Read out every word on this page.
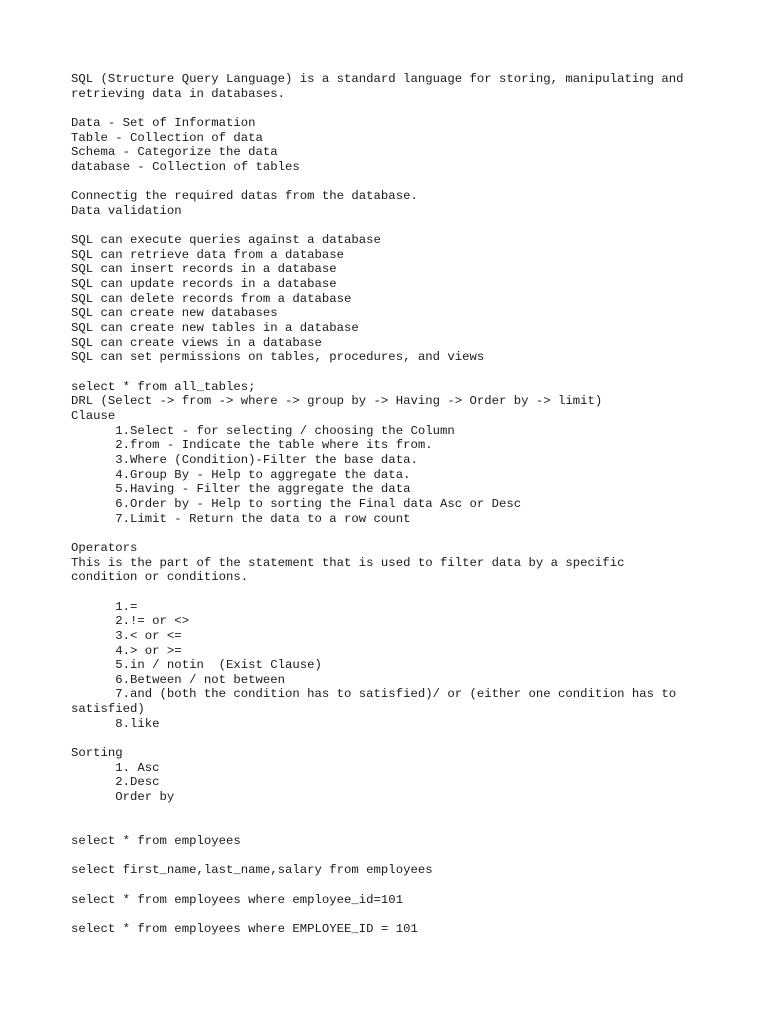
SQL (Structure Query Language) is a standard language for storing, manipulating and
retrieving data in databases.
Data - Set of Information
Table - Collection of data
Schema - Categorize the data
database - Collection of tables
Connectig the required datas from the database.
Data validation
SQL can execute queries against a database
SQL can retrieve data from a database
SQL can insert records in a database
SQL can update records in a database
SQL can delete records from a database
SQL can create new databases
SQL can create new tables in a database
SQL can create views in a database
SQL can set permissions on tables, procedures, and views
select * from all_tables;
DRL (Select -> from -> where -> group by -> Having -> Order by -> limit)
Clause
1.Select - for selecting / choosing the Column
2.from - Indicate the table where its from.
3.Where (Condition)-Filter the base data.
4.Group By - Help to aggregate the data.
5.Having - Filter the aggregate the data
6.Order by - Help to sorting the Final data Asc or Desc
7.Limit - Return the data to a row count
Operators
This is the part of the statement that is used to filter data by a specific
condition or conditions.
1.=
2.!= or <>
3.< or <=
4.> or >=
5.in / notin  (Exist Clause)
6.Between / not between
7.and (both the condition has to satisfied)/ or (either one condition has to
satisfied)
8.like
Sorting
1. Asc
2.Desc
Order by
select * from employees
select first_name,last_name,salary from employees
select * from employees where employee_id=101
select * from employees where EMPLOYEE_ID = 101
